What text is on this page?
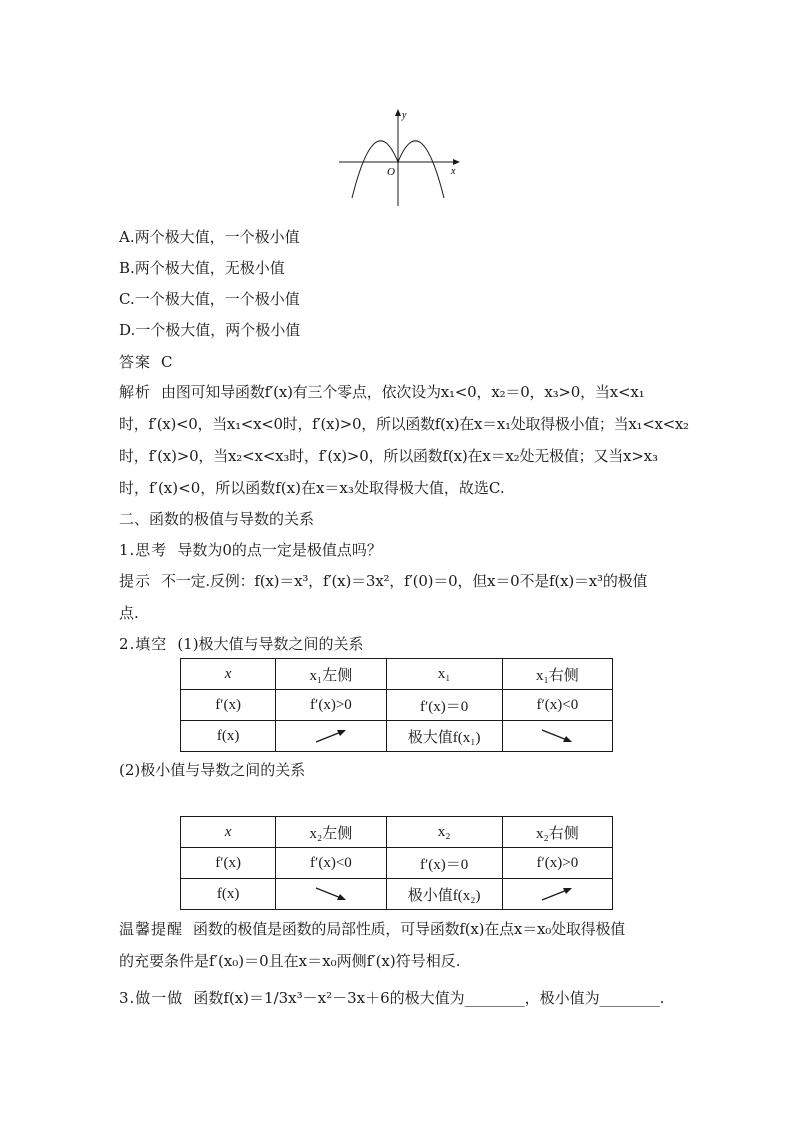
y
x
O
A.两个极大值，一个极小值
B.两个极大值，无极小值
C.一个极大值，一个极小值
D.一个极大值，两个极小值
答案 C
解析 由图可知导函数f′(x)有三个零点，依次设为x₁<0，x₂＝0，x₃>0，当x<x₁
时，f′(x)<0，当x₁<x<0时，f′(x)>0，所以函数f(x)在x＝x₁处取得极小值；当x₁<x<x₂
时，f′(x)>0，当x₂<x<x₃时，f′(x)>0，所以函数f(x)在x＝x₂处无极值；又当x>x₃
时，f′(x)<0，所以函数f(x)在x＝x₃处取得极大值，故选C.
二、函数的极值与导数的关系
1.思考 导数为0的点一定是极值点吗？
提示 不一定.反例：f(x)＝x³，f′(x)＝3x²，f′(0)＝0，但x＝0不是f(x)＝x³的极值
点.
2.填空 (1)极大值与导数之间的关系
x	x₁左侧	x₁	x₁右侧
f′(x)	f′(x)>0	f′(x)＝0	f′(x)<0
f(x)		极大值f(x₁)	
(2)极小值与导数之间的关系
x	x₂左侧	x₂	x₂右侧
f′(x)	f′(x)<0	f′(x)＝0	f′(x)>0
f(x)		极小值f(x₂)	
温馨提醒 函数的极值是函数的局部性质，可导函数f(x)在点x＝x₀处取得极值
的充要条件是f′(x₀)＝0且在x＝x₀两侧f′(x)符号相反.
3.做一做 函数f(x)＝1/3x³－x²－3x＋6的极大值为________，极小值为________.
